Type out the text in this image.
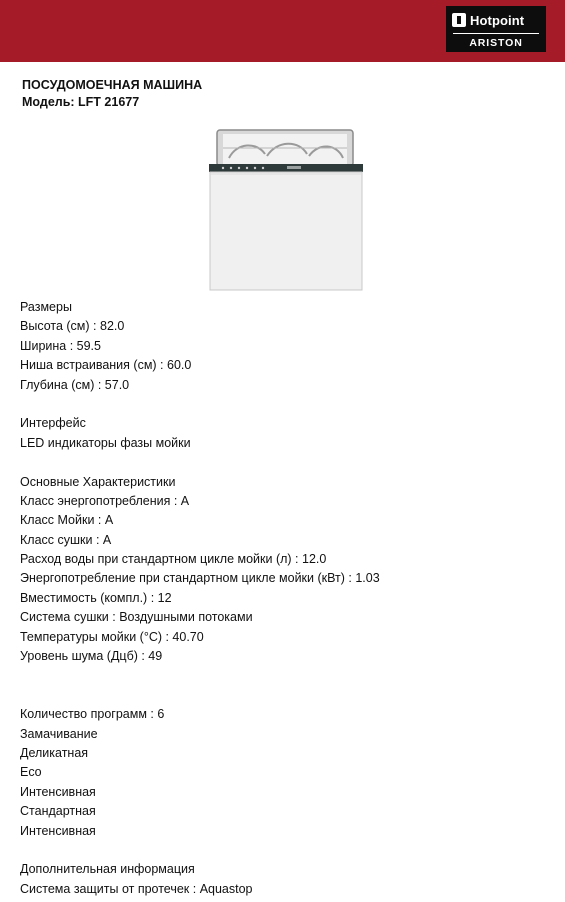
Hotpoint
ARISTON
ПОСУДОМОЕЧНАЯ МАШИНА
Модель: LFT 21677
Размеры
Высота (см) : 82.0
Ширина : 59.5
Ниша встраивания (см) : 60.0
Глубина (см) : 57.0
Интерфейс
LED индикаторы фазы мойки
Основные Характеристики
Класс энергопотребления : A
Класс Мойки : A
Класс сушки : A
Расход воды при стандартном цикле мойки (л) : 12.0
Энергопотребление при стандартном цикле мойки (кВт) : 1.03
Вместимость (компл.) : 12
Система сушки : Воздушными потоками
Температуры мойки (°C) : 40.70
Уровень шума (Дцб) : 49
Количество программ : 6
Замачивание
Деликатная
Eco
Интенсивная
Стандартная
Интенсивная
Дополнительная информация
Система защиты от протечек : Aquastop
